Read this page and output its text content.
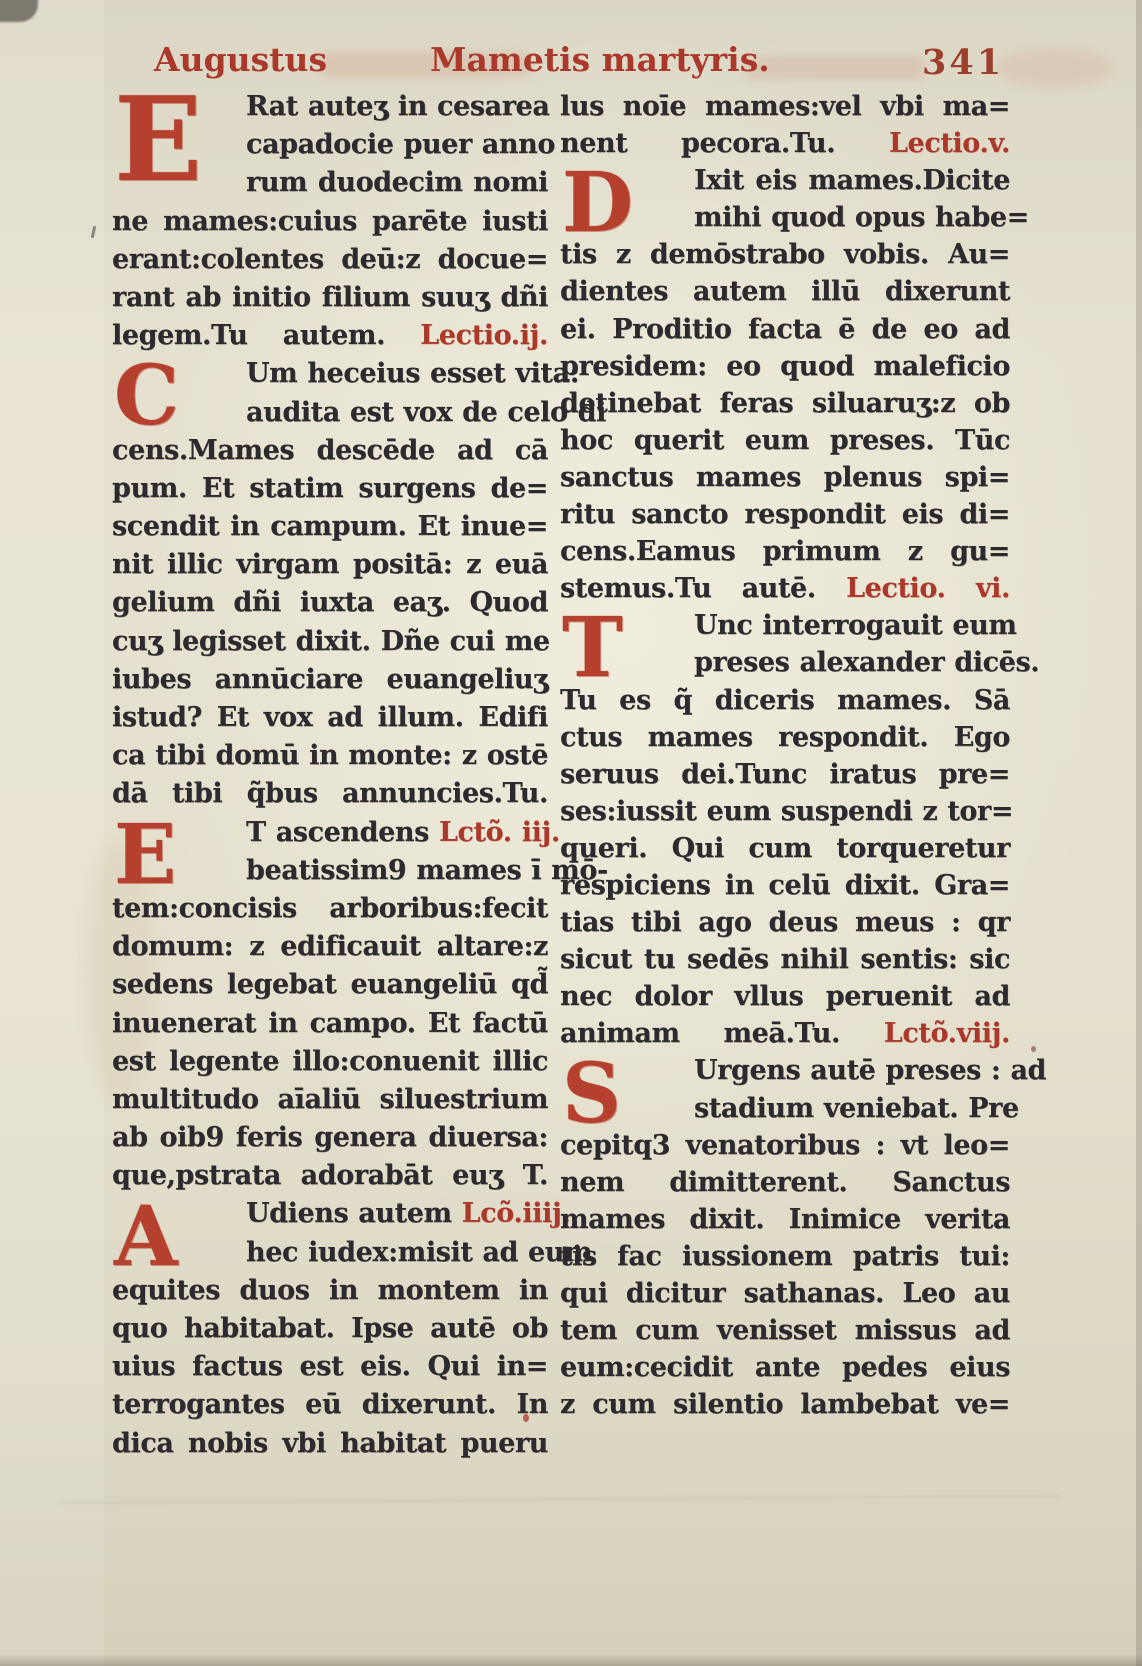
Augustus	Mametis martyris.	341
Rat auteʒ in cesarea
capadocie puer anno
rum duodecim nomi
ne mames:cuius parēte iusti
erant:colentes deū:z docue=
rant ab initio filium suuʒ dñi
legem.Tu autem. Lectio.ij.
Um heceius esset vita:
audita est vox de celo di
cens.Mames descēde ad cā
pum. Et statim surgens de=
scendit in campum. Et inue=
nit illic virgam positā: z euā
gelium dñi iuxta eaʒ. Quod
cuʒ legisset dixit. Dñe cui me
iubes annūciare euangeliuʒ
istud? Et vox ad illum. Edifi
ca tibi domū in monte: z ostē
dā tibi q̃bus annuncies.Tu.
T ascendens Lctõ. iij.
beatissim9 mames ī mō-
tem:concisis arboribus:fecit
domum: z edificauit altare:z
sedens legebat euangeliū qd̃
inuenerat in campo. Et factū
est legente illo:conuenit illic
multitudo aīaliū siluestrium
ab oib9 feris genera diuersa:
que,pstrata adorabāt euʒ T.
Udiens autem Lcõ.iiij.
hec iudex:misit ad eum
equites duos in montem in
quo habitabat. Ipse autē ob
uius factus est eis. Qui in=
terrogantes eū dixerunt. In
dica nobis vbi habitat pueru
E
C
E
A
lus noīe mames:vel vbi ma=
nent pecora.Tu. Lectio.v.
Ixit eis mames.Dicite
mihi quod opus habe=
tis z demōstrabo vobis. Au=
dientes autem illū dixerunt
ei. Proditio facta ē de eo ad
presidem: eo quod maleficio
detinebat feras siluaruʒ:z ob
hoc querit eum preses. Tūc
sanctus mames plenus spi=
ritu sancto respondit eis di=
cens.Eamus primum z gu=
stemus.Tu autē. Lectio. vi.
Unc interrogauit eum
preses alexander dicēs.
Tu es q̃ diceris mames. Sā
ctus mames respondit. Ego
seruus dei.Tunc iratus pre=
ses:iussit eum suspendi z tor=
queri. Qui cum torqueretur
respiciens in celū dixit. Gra=
tias tibi ago deus meus : qr
sicut tu sedēs nihil sentis: sic
nec dolor vllus peruenit ad
animam meā.Tu. Lctõ.viij.
Urgens autē preses : ad
stadium veniebat. Pre
cepitq3 venatoribus : vt leo=
nem dimitterent. Sanctus
mames dixit. Inimice verita
tis fac iussionem patris tui:
qui dicitur sathanas. Leo au
tem cum venisset missus ad
eum:cecidit ante pedes eius
z cum silentio lambebat ve=
D
T
S
